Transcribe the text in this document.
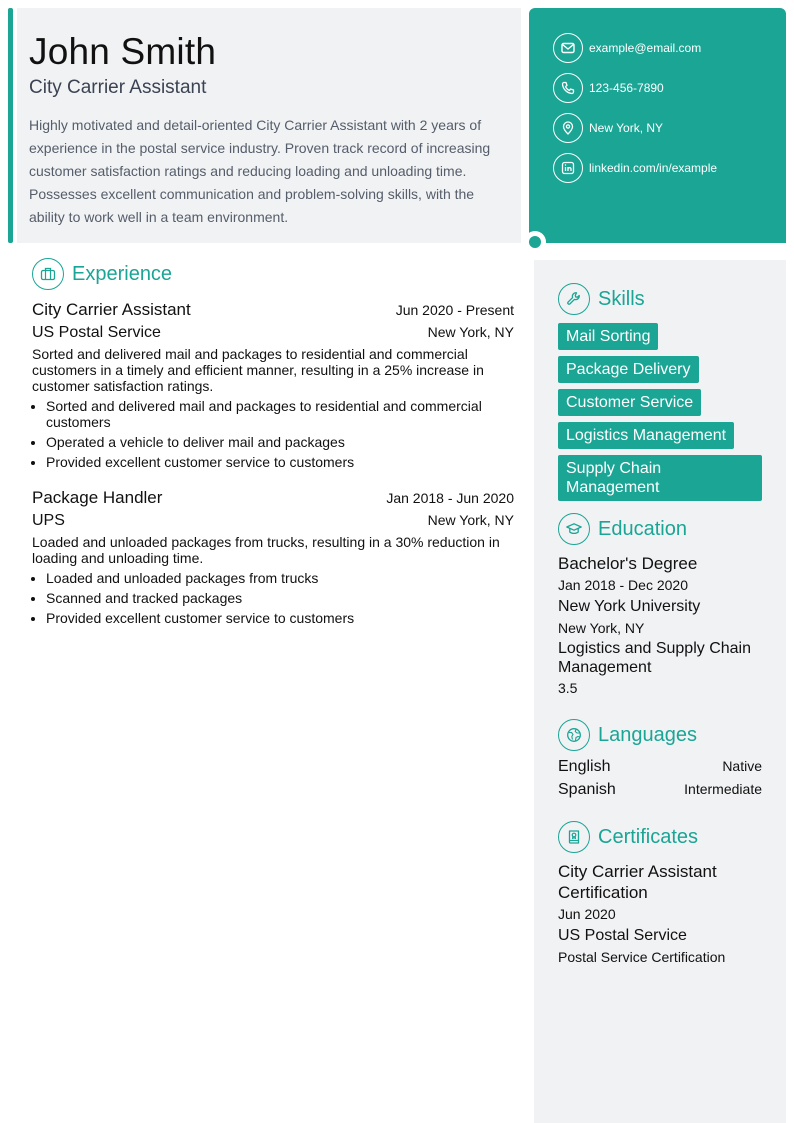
John Smith
City Carrier Assistant

Highly motivated and detail-oriented City Carrier Assistant with 2 years of experience in the postal service industry. Proven track record of increasing customer satisfaction ratings and reducing loading and unloading time. Possesses excellent communication and problem-solving skills, with the ability to work well in a team environment.

example@email.com
123-456-7890
New York, NY
linkedin.com/in/example
Experience
City Carrier Assistant	Jun 2020 - Present
US Postal Service	New York, NY
Sorted and delivered mail and packages to residential and commercial customers in a timely and efficient manner, resulting in a 25% increase in customer satisfaction ratings.
• Sorted and delivered mail and packages to residential and commercial customers
• Operated a vehicle to deliver mail and packages
• Provided excellent customer service to customers
Package Handler	Jan 2018 - Jun 2020
UPS	New York, NY
Loaded and unloaded packages from trucks, resulting in a 30% reduction in loading and unloading time.
• Loaded and unloaded packages from trucks
• Scanned and tracked packages
• Provided excellent customer service to customers
Skills
Mail Sorting
Package Delivery
Customer Service
Logistics Management
Supply Chain Management
Education
Bachelor's Degree
Jan 2018 - Dec 2020
New York University
New York, NY
Logistics and Supply Chain Management
3.5
Languages
English	Native
Spanish	Intermediate
Certificates
City Carrier Assistant Certification
Jun 2020
US Postal Service
Postal Service Certification
